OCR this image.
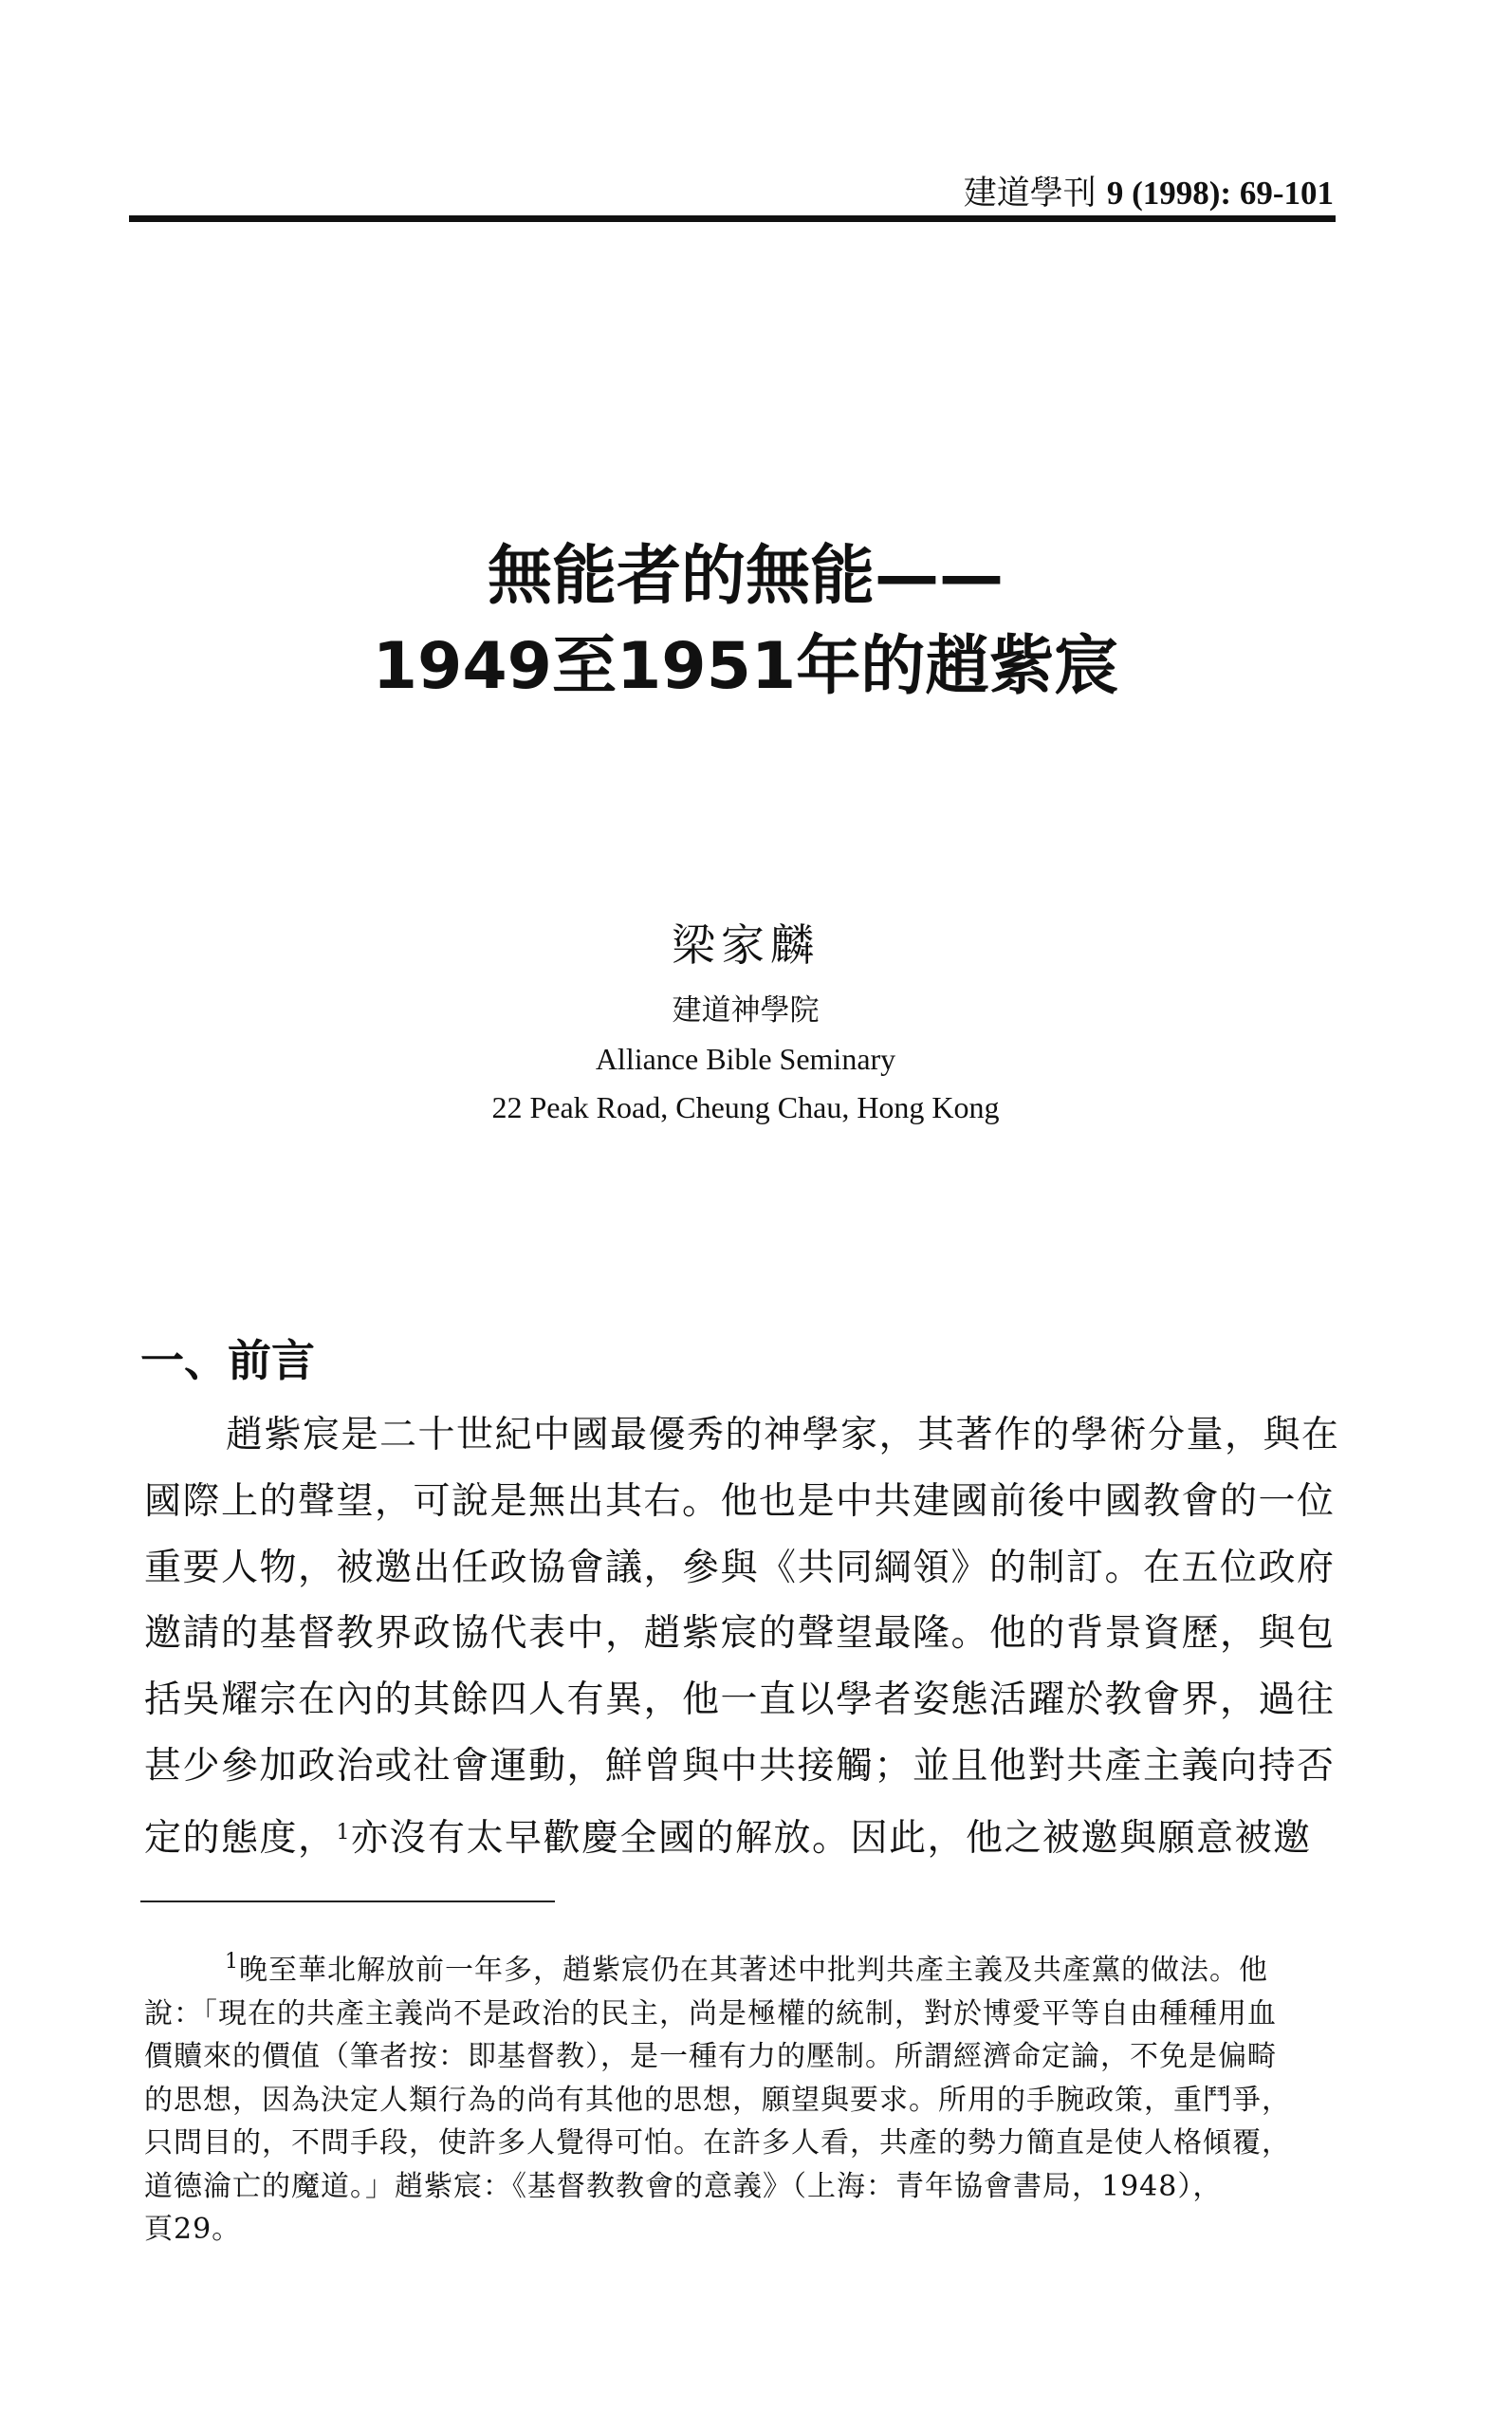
建道學刊 9 (1998): 69-101
無能者的無能——
1949至1951年的趙紫宸
梁家麟
建道神學院
Alliance Bible Seminary
22 Peak Road, Cheung Chau, Hong Kong
一、前言
趙紫宸是二十世紀中國最優秀的神學家，其著作的學術分量，與在
國際上的聲望，可說是無出其右。他也是中共建國前後中國教會的一位
重要人物，被邀出任政協會議，參與《共同綱領》的制訂。在五位政府
邀請的基督教界政協代表中，趙紫宸的聲望最隆。他的背景資歷，與包
括吳耀宗在內的其餘四人有異，他一直以學者姿態活躍於教會界，過往
甚少參加政治或社會運動，鮮曾與中共接觸；並且他對共產主義向持否
定的態度，$^1$亦沒有太早歡慶全國的解放。因此，他之被邀與願意被邀
$^1$晚至華北解放前一年多，趙紫宸仍在其著述中批判共產主義及共產黨的做法。他
說：「現在的共產主義尚不是政治的民主，尚是極權的統制，對於博愛平等自由種種用血
價贖來的價值（筆者按：即基督教），是一種有力的壓制。所謂經濟命定論，不免是偏畸
的思想，因為決定人類行為的尚有其他的思想，願望與要求。所用的手腕政策，重鬥爭，
只問目的，不問手段，使許多人覺得可怕。在許多人看，共產的勢力簡直是使人格傾覆，
道德淪亡的魔道。」趙紫宸：《基督教教會的意義》（上海：青年協會書局，1948），
頁29。
